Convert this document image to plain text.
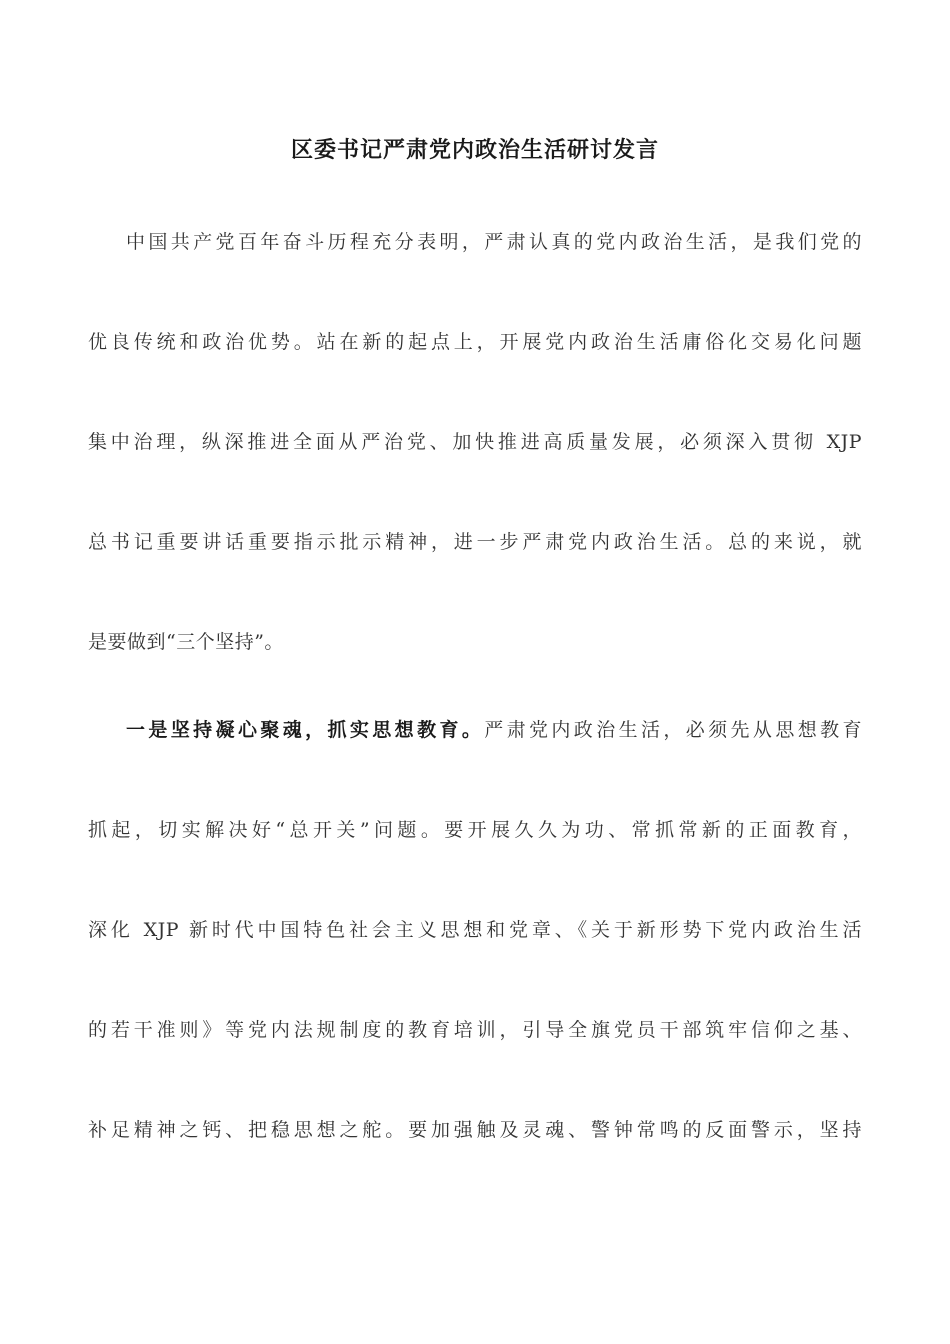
区委书记严肃党内政治生活研讨发言
中国共产党百年奋斗历程充分表明，严肃认真的党内政治生活，是我们党的
优良传统和政治优势。站在新的起点上，开展党内政治生活庸俗化交易化问题
集中治理，纵深推进全面从严治党、加快推进高质量发展，必须深入贯彻 XJP
总书记重要讲话重要指示批示精神，进一步严肃党内政治生活。总的来说，就
是要做到“三个坚持”。
一是坚持凝心聚魂，抓实思想教育。严肃党内政治生活，必须先从思想教育
抓起，切实解决好“总开关”问题。要开展久久为功、常抓常新的正面教育，
深化 XJP 新时代中国特色社会主义思想和党章、《关于新形势下党内政治生活
的若干准则》等党内法规制度的教育培训，引导全旗党员干部筑牢信仰之基、
补足精神之钙、把稳思想之舵。要加强触及灵魂、警钟常鸣的反面警示，坚持
